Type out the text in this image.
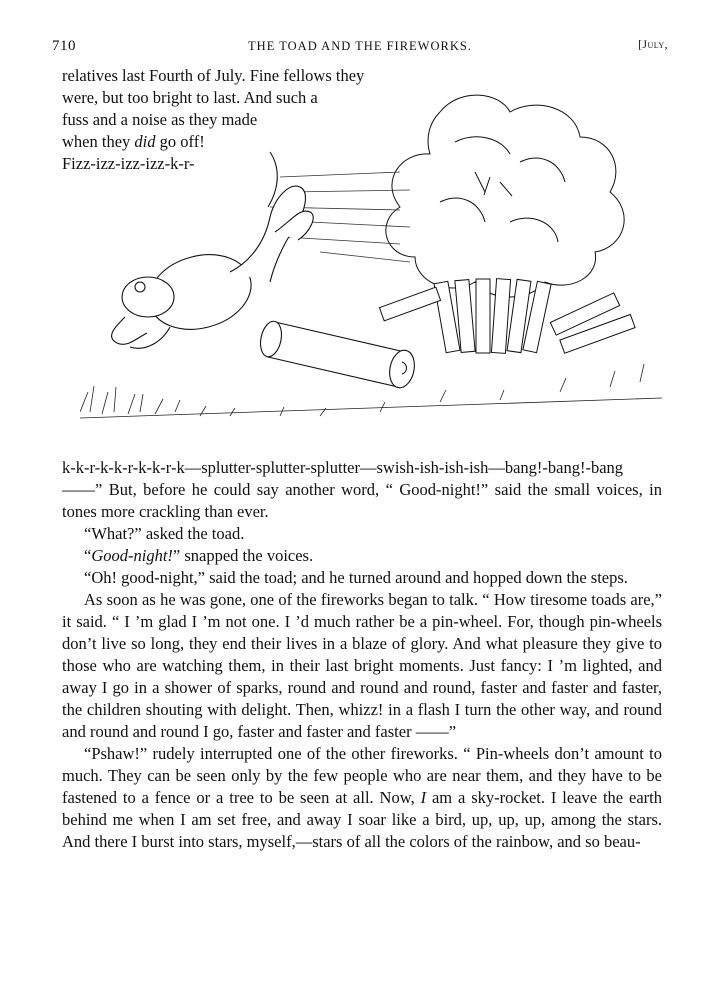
710	THE TOAD AND THE FIREWORKS.	[July,
relatives last Fourth of July. Fine fellows they
were, but too bright to last. And such a
fuss and a noise as they made
when they did go off!
Fizz-izz-izz-izz-k-r-

k-k-r-k-k-r-k-k-r-k—splutter-splutter-splutter—swish-ish-ish-ish—bang!-bang!-bang ——” But, before he could say another word, “ Good-night!” said the small voices, in tones more crackling than ever.

“What?” asked the toad.

“Good-night!” snapped the voices.

“Oh! good-night,” said the toad; and he turned around and hopped down the steps.

As soon as he was gone, one of the fireworks began to talk. “ How tiresome toads are,” it said. “ I ’m glad I ’m not one. I ’d much rather be a pin-wheel. For, though pin-wheels don’t live so long, they end their lives in a blaze of glory. And what pleasure they give to those who are watching them, in their last bright moments. Just fancy: I ’m lighted, and away I go in a shower of sparks, round and round and round, faster and faster and faster, the children shouting with delight. Then, whizz! in a flash I turn the other way, and round and round and round I go, faster and faster and faster ——”

“Pshaw!” rudely interrupted one of the other fireworks. “ Pin-wheels don’t amount to much. They can be seen only by the few people who are near them, and they have to be fastened to a fence or a tree to be seen at all. Now, I am a sky-rocket. I leave the earth behind me when I am set free, and away I soar like a bird, up, up, up, among the stars. And there I burst into stars, myself,—stars of all the colors of the rainbow, and so beau-
